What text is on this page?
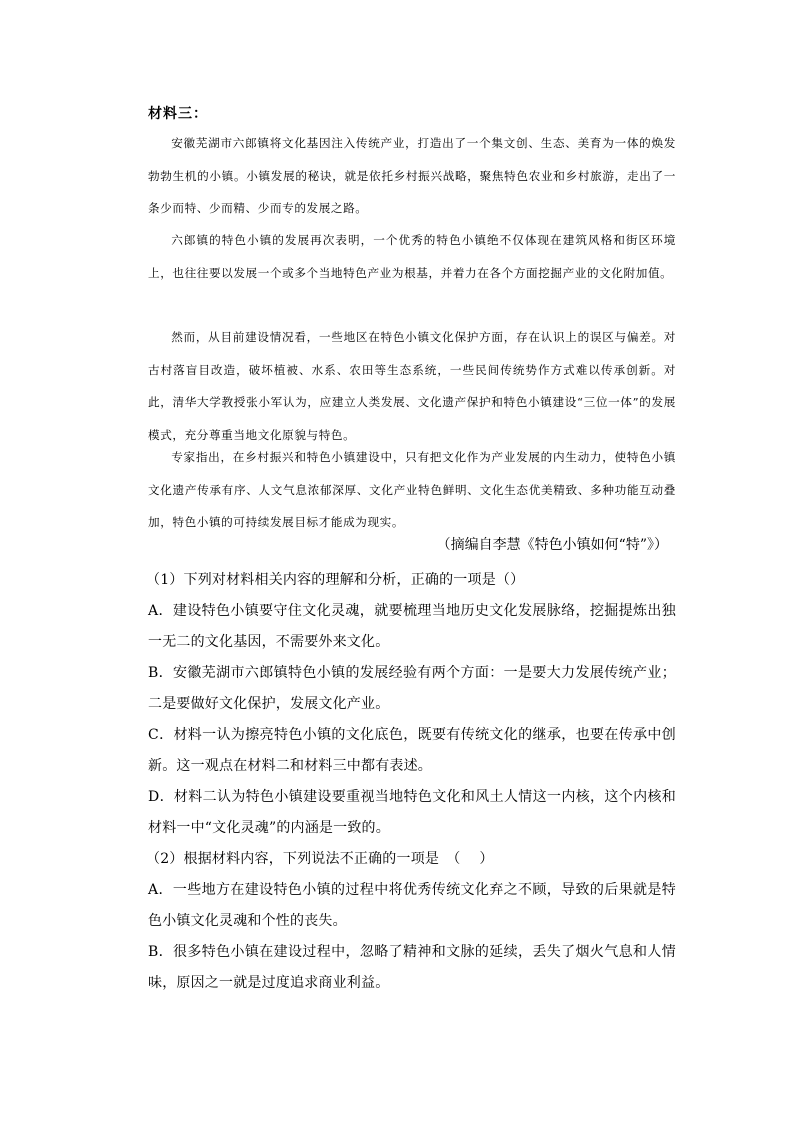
材料三：

安徽芜湖市六郎镇将文化基因注入传统产业，打造出了一个集文创、生态、美育为一体的焕发勃勃生机的小镇。小镇发展的秘诀，就是依托乡村振兴战略，聚焦特色农业和乡村旅游，走出了一条少而特、少而精、少而专的发展之路。

六郎镇的特色小镇的发展再次表明，一个优秀的特色小镇绝不仅体现在建筑风格和街区环境上，也往往要以发展一个或多个当地特色产业为根基，并着力在各个方面挖掘产业的文化附加值。

然而，从目前建设情况看，一些地区在特色小镇文化保护方面，存在认识上的误区与偏差。对古村落盲目改造，破坏植被、水系、农田等生态系统，一些民间传统势作方式难以传承创新。对此，清华大学教授张小军认为，应建立人类发展、文化遗产保护和特色小镇建设“三位一体”的发展模式，充分尊重当地文化原貌与特色。

专家指出，在乡村振兴和特色小镇建设中，只有把文化作为产业发展的内生动力，使特色小镇文化遗产传承有序、人文气息浓郁深厚、文化产业特色鲜明、文化生态优美精致、多种功能互动叠加，特色小镇的可持续发展目标才能成为现实。

（摘编自李慧《特色小镇如何“特”》）

（1）下列对材料相关内容的理解和分析，正确的一项是（）

A．建设特色小镇要守住文化灵魂，就要梳理当地历史文化发展脉络，挖掘提炼出独一无二的文化基因，不需要外来文化。

B．安徽芜湖市六郎镇特色小镇的发展经验有两个方面：一是要大力发展传统产业；二是要做好文化保护，发展文化产业。

C．材料一认为擦亮特色小镇的文化底色，既要有传统文化的继承，也要在传承中创新。这一观点在材料二和材料三中都有表述。

D．材料二认为特色小镇建设要重视当地特色文化和风土人情这一内核，这个内核和材料一中“文化灵魂”的内涵是一致的。

（2）根据材料内容，下列说法不正确的一项是　（　 ）

A．一些地方在建设特色小镇的过程中将优秀传统文化弃之不顾，导致的后果就是特色小镇文化灵魂和个性的丧失。

B．很多特色小镇在建设过程中，忽略了精神和文脉的延续，丢失了烟火气息和人情味，原因之一就是过度追求商业利益。
